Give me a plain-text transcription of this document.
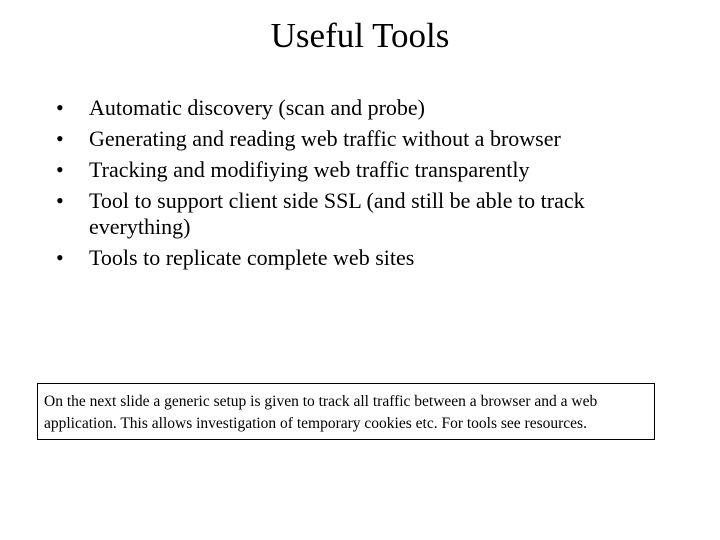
Useful Tools
• Automatic discovery (scan and probe)
• Generating and reading web traffic without a browser
• Tracking and modifiying web traffic transparently
• Tool to support client side SSL (and still be able to track everything)
• Tools to replicate complete web sites
On the next slide a generic setup is given to track all traffic between a browser and a web application. This allows investigation of temporary cookies etc. For tools see resources.
